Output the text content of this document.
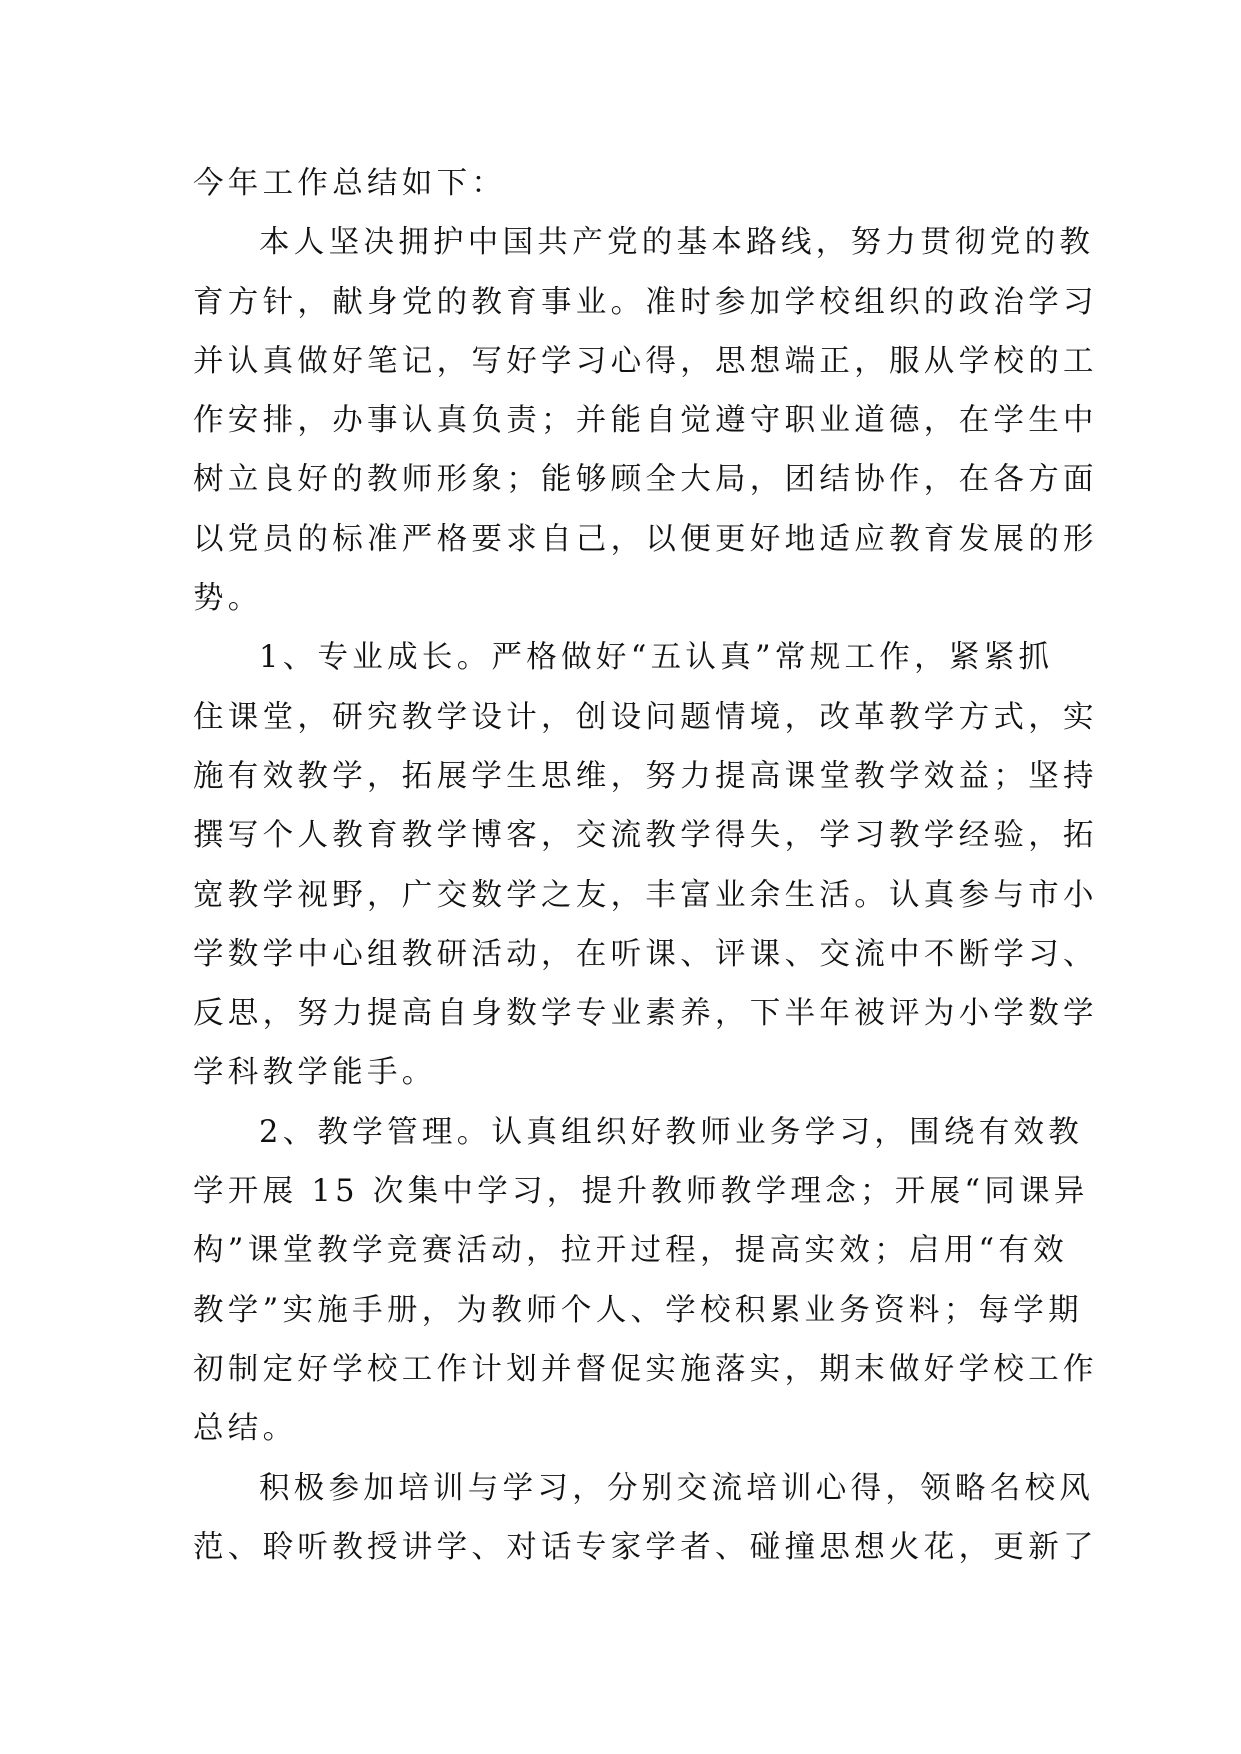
今年工作总结如下：
本人坚决拥护中国共产党的基本路线，努力贯彻党的教
育方针，献身党的教育事业。准时参加学校组织的政治学习
并认真做好笔记，写好学习心得，思想端正，服从学校的工
作安排，办事认真负责；并能自觉遵守职业道德，在学生中
树立良好的教师形象；能够顾全大局，团结协作，在各方面
以党员的标准严格要求自己，以便更好地适应教育发展的形
势。
1、专业成长。严格做好“五认真”常规工作，紧紧抓
住课堂，研究教学设计，创设问题情境，改革教学方式，实
施有效教学，拓展学生思维，努力提高课堂教学效益；坚持
撰写个人教育教学博客，交流教学得失，学习教学经验，拓
宽教学视野，广交数学之友，丰富业余生活。认真参与市小
学数学中心组教研活动，在听课、评课、交流中不断学习、
反思，努力提高自身数学专业素养，下半年被评为小学数学
学科教学能手。
2、教学管理。认真组织好教师业务学习，围绕有效教
学开展 15 次集中学习，提升教师教学理念；开展“同课异
构”课堂教学竞赛活动，拉开过程，提高实效；启用“有效
教学”实施手册，为教师个人、学校积累业务资料；每学期
初制定好学校工作计划并督促实施落实，期末做好学校工作
总结。
积极参加培训与学习，分别交流培训心得，领略名校风
范、聆听教授讲学、对话专家学者、碰撞思想火花，更新了
